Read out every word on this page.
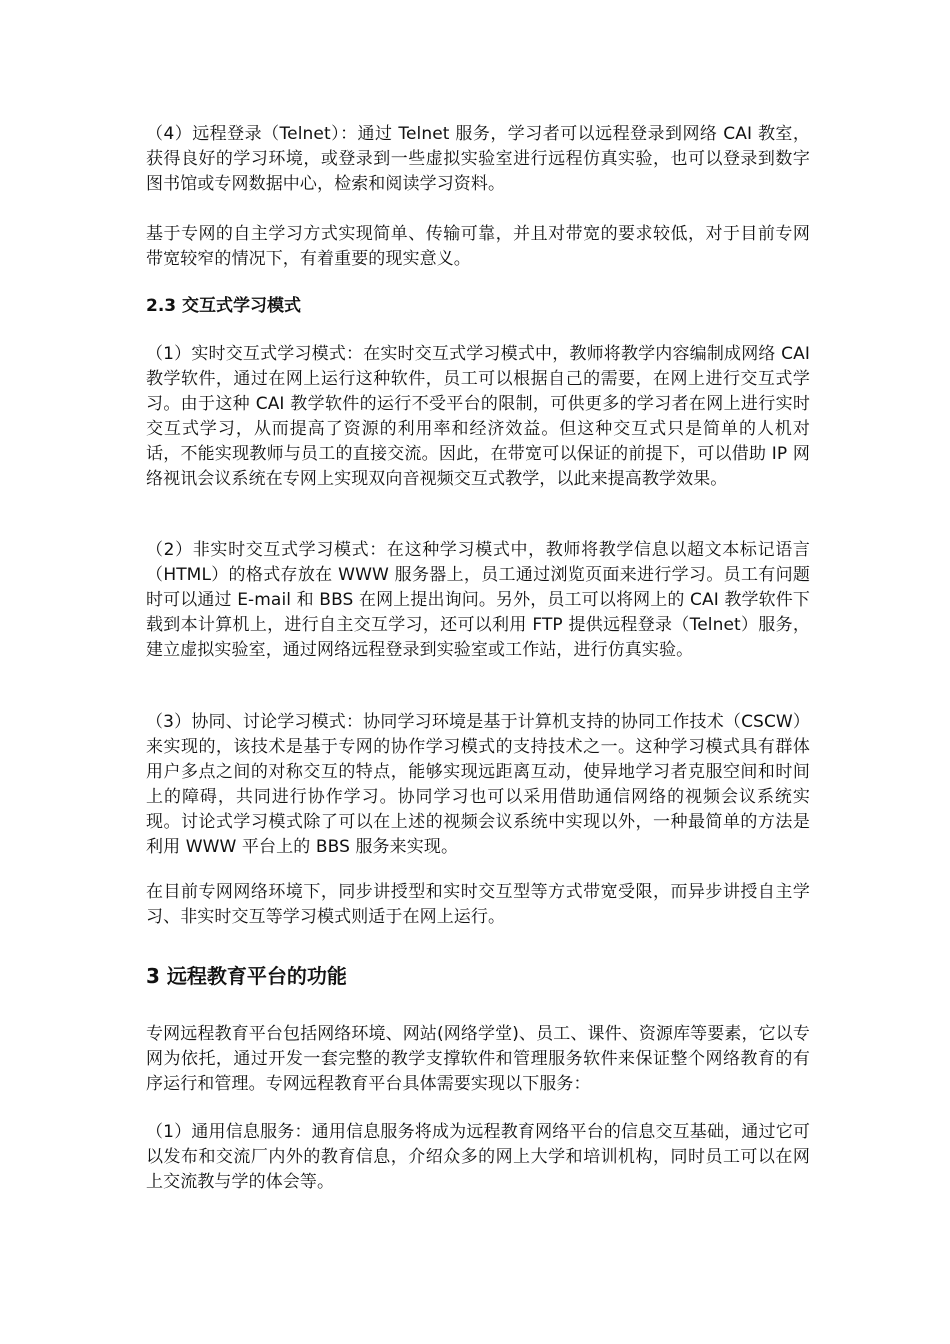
（4）远程登录（Telnet）：通过 Telnet 服务，学习者可以远程登录到网络 CAI 教室，获得良好的学习环境，或登录到一些虚拟实验室进行远程仿真实验，也可以登录到数字图书馆或专网数据中心，检索和阅读学习资料。

基于专网的自主学习方式实现简单、传输可靠，并且对带宽的要求较低，对于目前专网带宽较窄的情况下，有着重要的现实意义。

2.3 交互式学习模式

（1）实时交互式学习模式：在实时交互式学习模式中，教师将教学内容编制成网络 CAI 教学软件，通过在网上运行这种软件，员工可以根据自己的需要，在网上进行交互式学习。由于这种 CAI 教学软件的运行不受平台的限制，可供更多的学习者在网上进行实时交互式学习，从而提高了资源的利用率和经济效益。但这种交互式只是简单的人机对话，不能实现教师与员工的直接交流。因此，在带宽可以保证的前提下，可以借助 IP 网络视讯会议系统在专网上实现双向音视频交互式教学，以此来提高教学效果。

（2）非实时交互式学习模式：在这种学习模式中，教师将教学信息以超文本标记语言（HTML）的格式存放在 WWW 服务器上，员工通过浏览页面来进行学习。员工有问题时可以通过 E-mail 和 BBS 在网上提出询问。另外，员工可以将网上的 CAI 教学软件下载到本计算机上，进行自主交互学习，还可以利用 FTP 提供远程登录（Telnet）服务，建立虚拟实验室，通过网络远程登录到实验室或工作站，进行仿真实验。

（3）协同、讨论学习模式：协同学习环境是基于计算机支持的协同工作技术（CSCW）来实现的，该技术是基于专网的协作学习模式的支持技术之一。这种学习模式具有群体用户多点之间的对称交互的特点，能够实现远距离互动，使异地学习者克服空间和时间上的障碍，共同进行协作学习。协同学习也可以采用借助通信网络的视频会议系统实现。讨论式学习模式除了可以在上述的视频会议系统中实现以外，一种最简单的方法是利用 WWW 平台上的 BBS 服务来实现。

在目前专网网络环境下，同步讲授型和实时交互型等方式带宽受限，而异步讲授自主学习、非实时交互等学习模式则适于在网上运行。

3 远程教育平台的功能

专网远程教育平台包括网络环境、网站(网络学堂)、员工、课件、资源库等要素，它以专网为依托，通过开发一套完整的教学支撑软件和管理服务软件来保证整个网络教育的有序运行和管理。专网远程教育平台具体需要实现以下服务：

（1）通用信息服务：通用信息服务将成为远程教育网络平台的信息交互基础，通过它可以发布和交流厂内外的教育信息，介绍众多的网上大学和培训机构，同时员工可以在网上交流教与学的体会等。
